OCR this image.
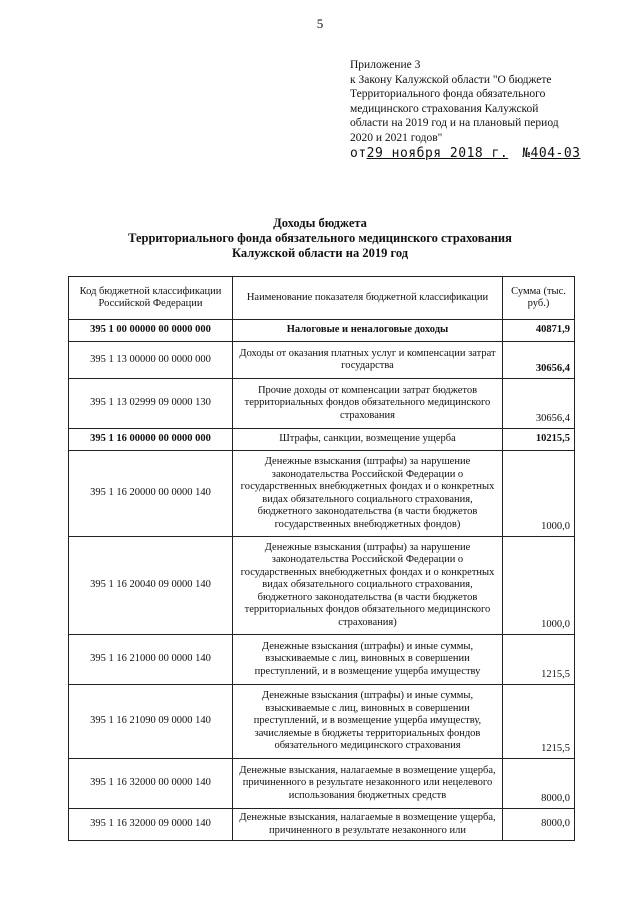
5
Приложение 3
к Закону Калужской области "О бюджете
Территориального фонда обязательного
медицинского страхования Калужской
области на 2019 год и на плановый период
2020 и 2021 годов"
от29 ноября 2018 г. №404-03
Доходы бюджета
Территориального фонда обязательного медицинского страхования
Калужской области на 2019 год
Код бюджетной классификации Российской Федерации	Наименование показателя бюджетной классификации	Сумма (тыс. руб.)
395 1 00 00000 00 0000 000	Налоговые и неналоговые доходы	40871,9
395 1 13 00000 00 0000 000	Доходы от оказания платных услуг и компенсации затрат государства	30656,4
395 1 13 02999 09 0000 130	Прочие доходы от компенсации затрат бюджетов территориальных фондов обязательного медицинского страхования	30656,4
395 1 16 00000 00 0000 000	Штрафы, санкции, возмещение ущерба	10215,5
395 1 16 20000 00 0000 140	Денежные взыскания (штрафы) за нарушение законодательства Российской Федерации о государственных внебюджетных фондах и о конкретных видах обязательного социального страхования, бюджетного законодательства (в части бюджетов государственных внебюджетных фондов)	1000,0
395 1 16 20040 09 0000 140	Денежные взыскания (штрафы) за нарушение законодательства Российской Федерации о государственных внебюджетных фондах и о конкретных видах обязательного социального страхования, бюджетного законодательства (в части бюджетов территориальных фондов обязательного медицинского страхования)	1000,0
395 1 16 21000 00 0000 140	Денежные взыскания (штрафы) и иные суммы, взыскиваемые с лиц, виновных в совершении преступлений, и в возмещение ущерба имуществу	1215,5
395 1 16 21090 09 0000 140	Денежные взыскания (штрафы) и иные суммы, взыскиваемые с лиц, виновных в совершении преступлений, и в возмещение ущерба имуществу, зачисляемые в бюджеты территориальных фондов обязательного медицинского страхования	1215,5
395 1 16 32000 00 0000 140	Денежные взыскания, налагаемые в возмещение ущерба, причиненного в результате незаконного или нецелевого использования бюджетных средств	8000,0
395 1 16 32000 09 0000 140	Денежные взыскания, налагаемые в возмещение ущерба, причиненного в результате незаконного или	8000,0
